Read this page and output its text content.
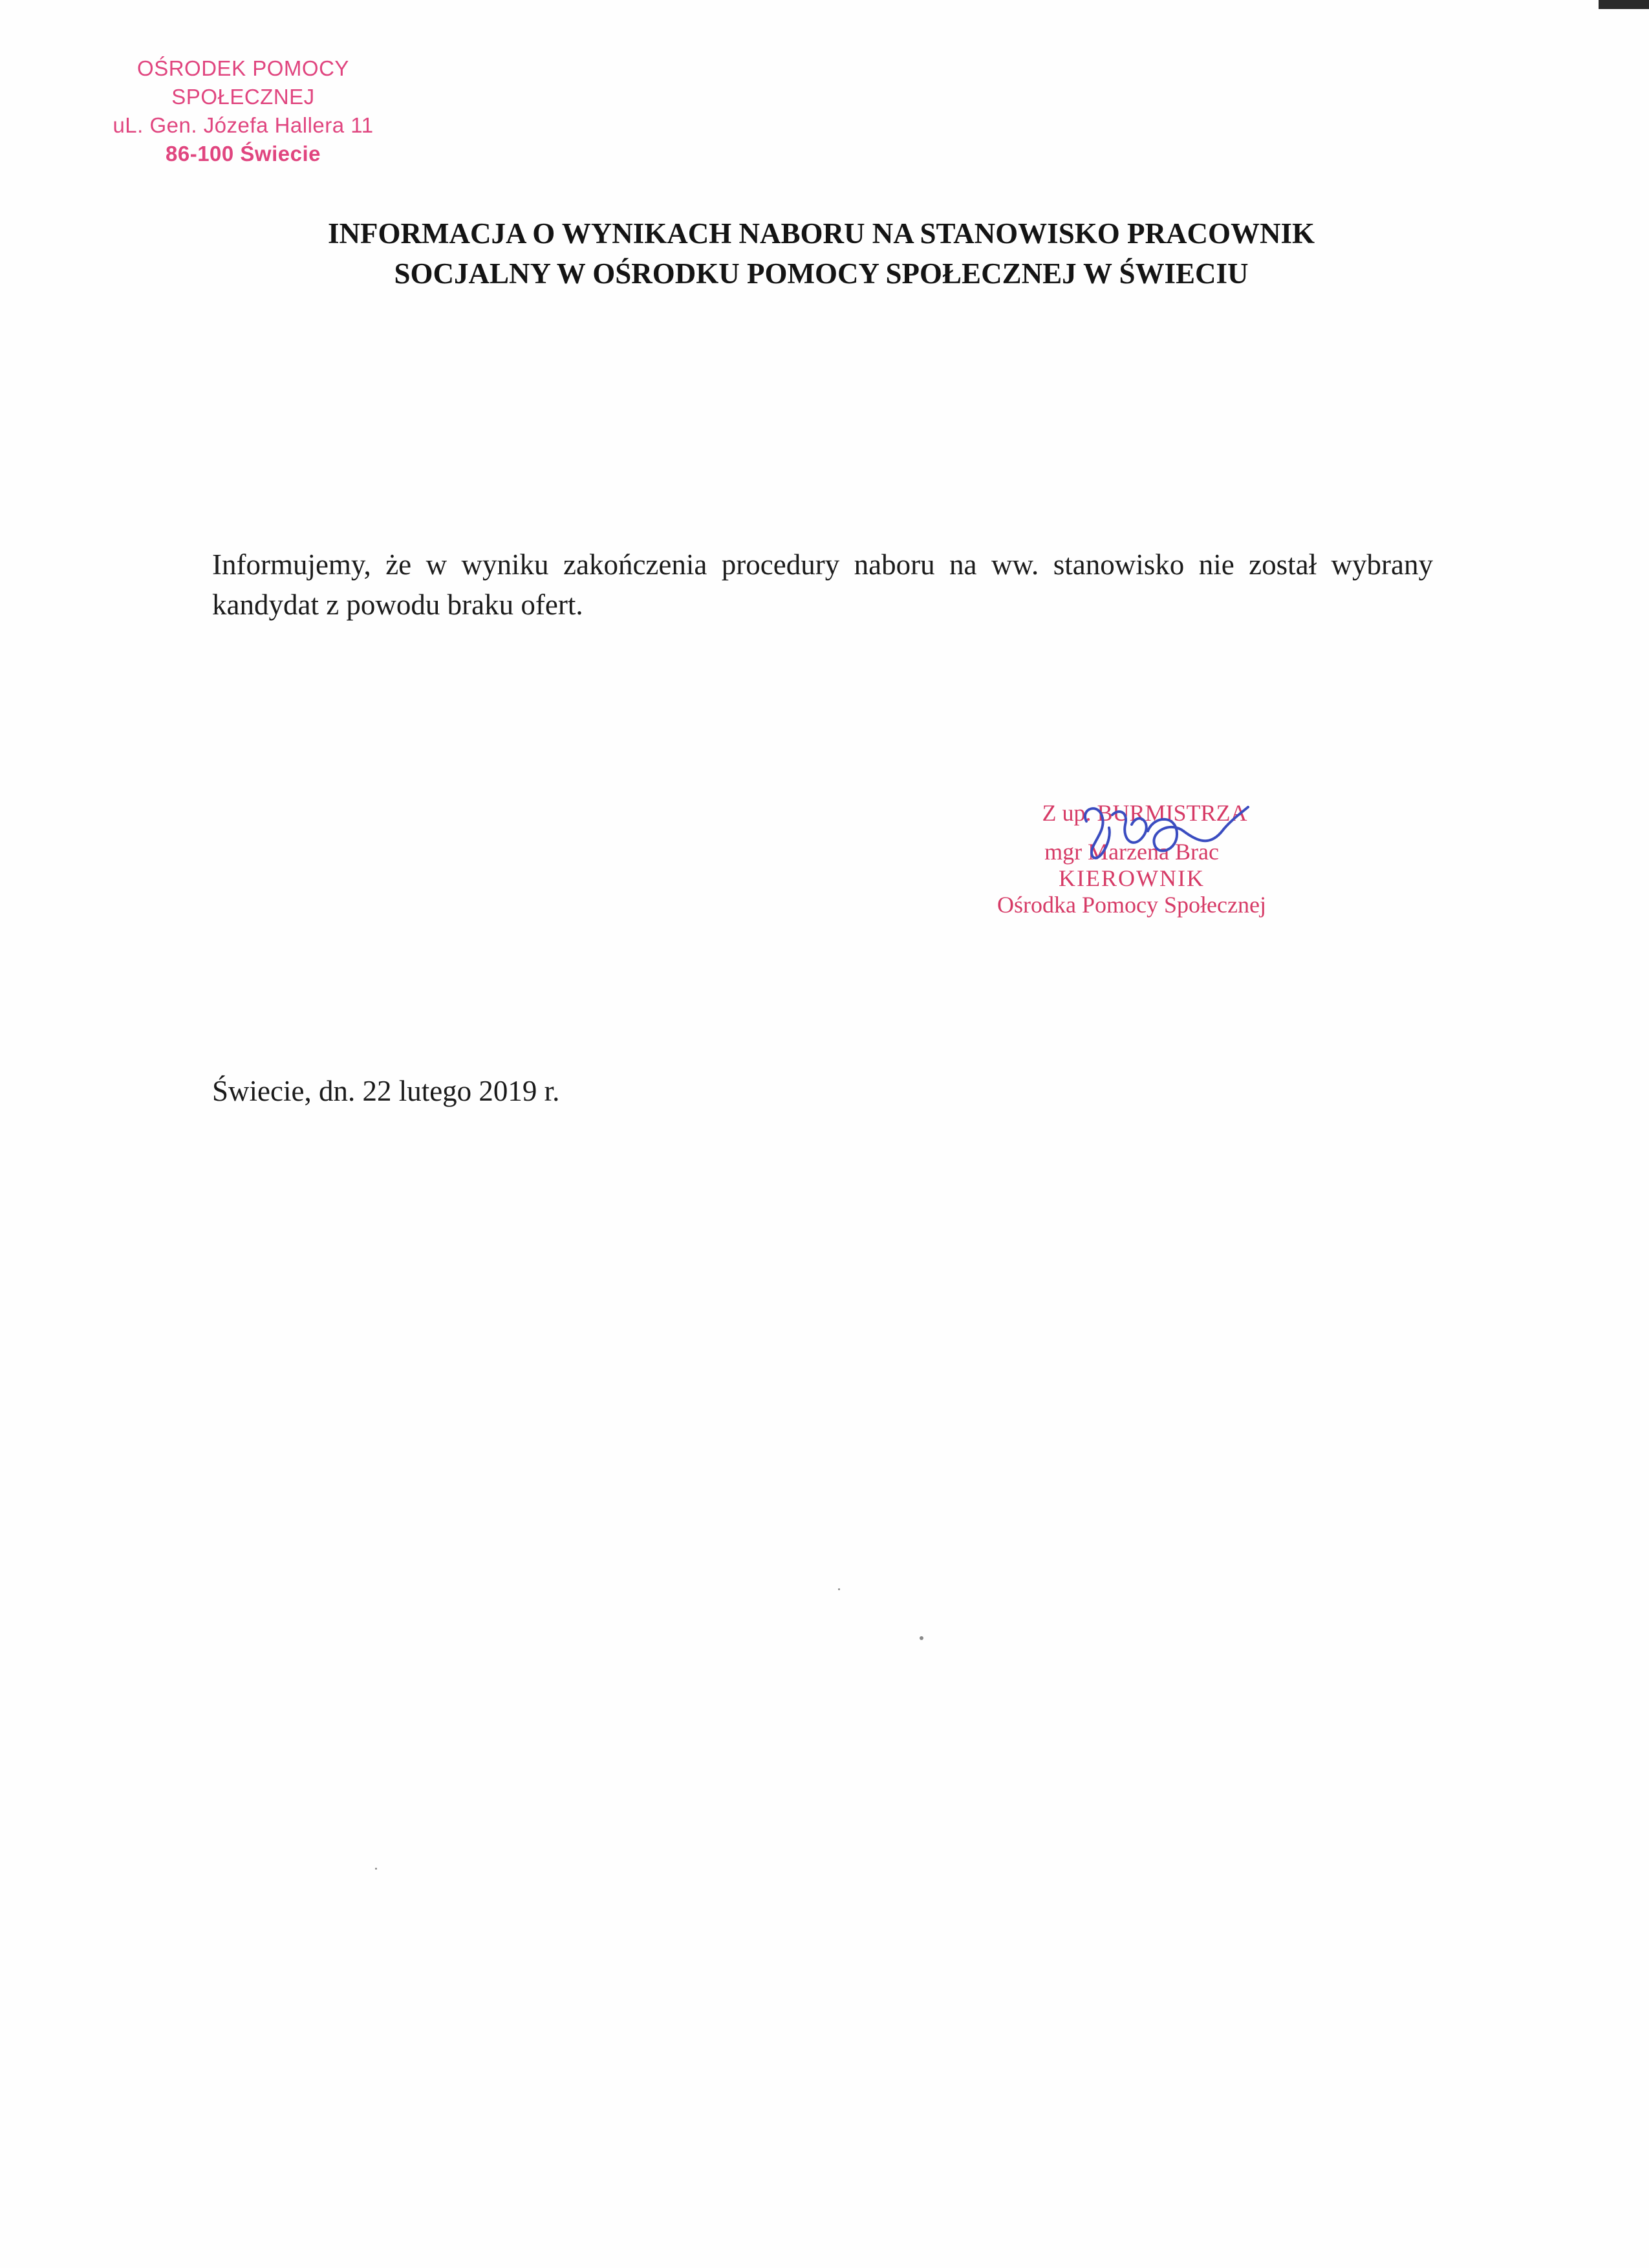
OŚRODEK POMOCY SPOŁECZNEJ
uL. Gen. Józefa Hallera 11
86-100 Świecie
INFORMACJA O WYNIKACH NABORU NA STANOWISKO PRACOWNIK
SOCJALNY W OŚRODKU POMOCY SPOŁECZNEJ W ŚWIECIU
Informujemy, że w wyniku zakończenia procedury naboru na ww. stanowisko nie został wybrany kandydat z powodu braku ofert.
Z up. BURMISTRZA
mgr Marzena Brac
KIEROWNIK
Ośrodka Pomocy Społecznej
Świecie, dn. 22 lutego 2019 r.
